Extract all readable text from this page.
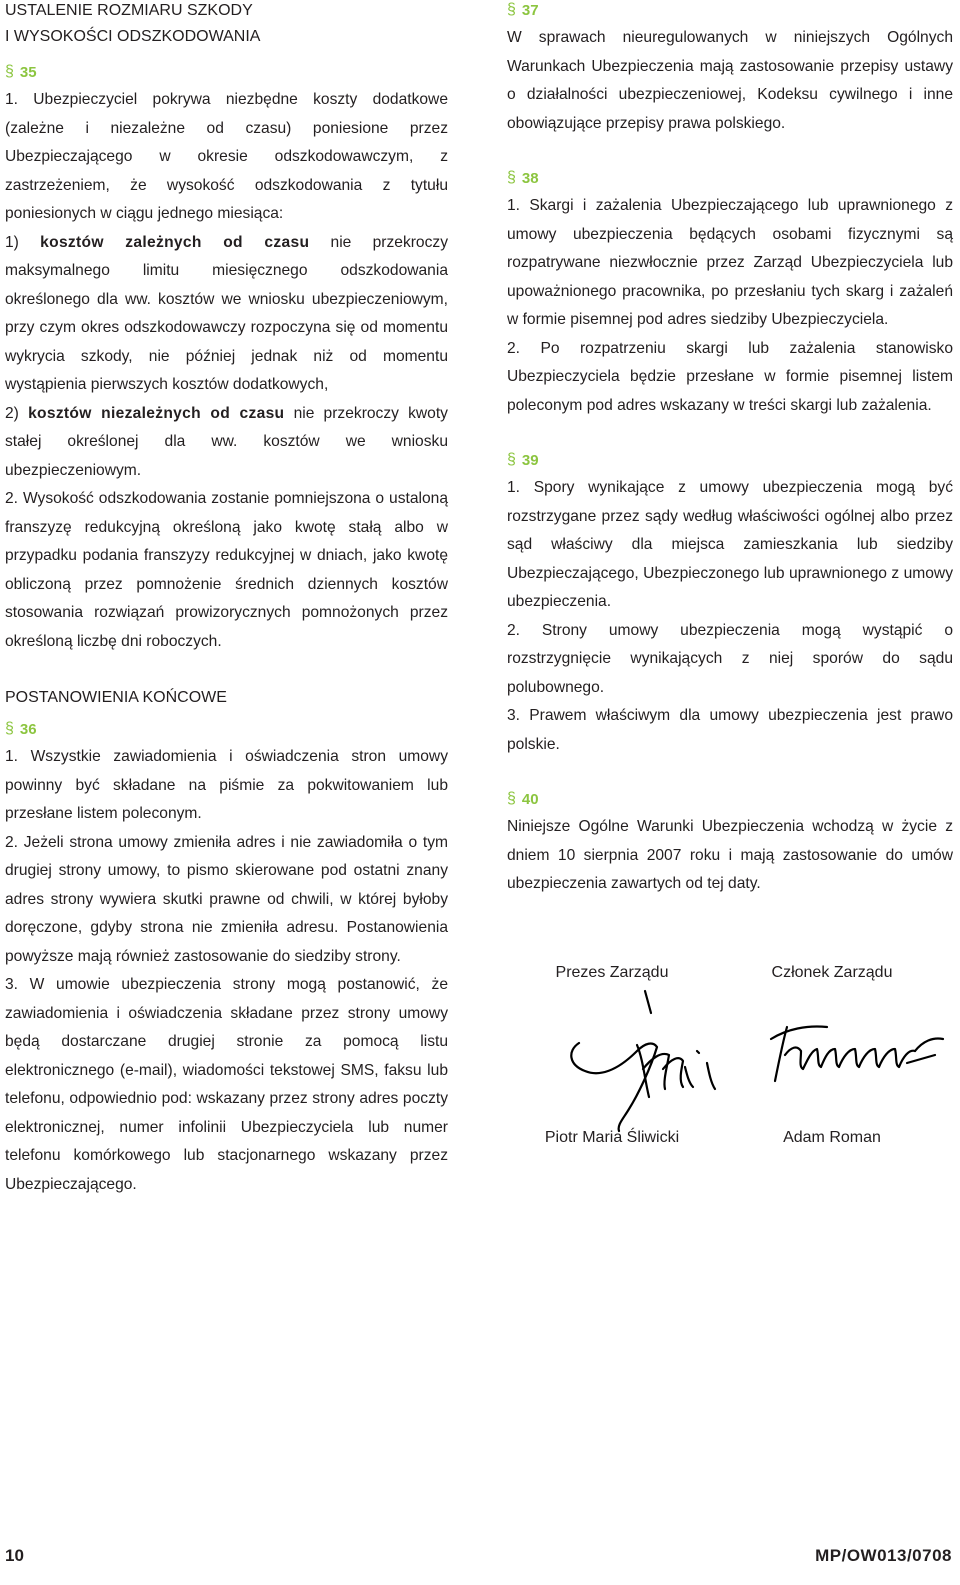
USTALENIE ROZMIARU SZKODY
I WYSOKOŚCI ODSZKODOWANIA
§ 35

1. Ubezpieczyciel pokrywa niezbędne koszty dodatkowe (zależne i niezależne od czasu) poniesione przez Ubezpieczającego w okresie odszkodowawczym, z zastrzeżeniem, że wysokość odszkodowania z tytułu poniesionych w ciągu jednego miesiąca:

1) kosztów zależnych od czasu nie przekroczy maksymalnego limitu miesięcznego odszkodowania określonego dla ww. kosztów we wniosku ubezpieczeniowym, przy czym okres odszkodowawczy rozpoczyna się od momentu wykrycia szkody, nie później jednak niż od momentu wystąpienia pierwszych kosztów dodatkowych,

2) kosztów niezależnych od czasu nie przekroczy kwoty stałej określonej dla ww. kosztów we wniosku ubezpieczeniowym.

2. Wysokość odszkodowania zostanie pomniejszona o ustaloną franszyzę redukcyjną określoną jako kwotę stałą albo w przypadku podania franszyzy redukcyjnej w dniach, jako kwotę obliczoną przez pomnożenie średnich dziennych kosztów stosowania rozwiązań prowizorycznych pomnożonych przez określoną liczbę dni roboczych.

POSTANOWIENIA KOŃCOWE
§ 36

1. Wszystkie zawiadomienia i oświadczenia stron umowy powinny być składane na piśmie za pokwitowaniem lub przesłane listem poleconym.

2. Jeżeli strona umowy zmieniła adres i nie zawiadomiła o tym drugiej strony umowy, to pismo skierowane pod ostatni znany adres strony wywiera skutki prawne od chwili, w której byłoby doręczone, gdyby strona nie zmieniła adresu. Postanowienia powyższe mają również zastosowanie do siedziby strony.

3. W umowie ubezpieczenia strony mogą postanowić, że zawiadomienia i oświadczenia składane przez strony umowy będą dostarczane drugiej stronie za pomocą listu elektronicznego (e-mail), wiadomości tekstowej SMS, faksu lub telefonu, odpowiednio pod: wskazany przez strony adres poczty elektronicznej, numer infolinii Ubezpieczyciela lub numer telefonu komórkowego lub stacjonarnego wskazany przez Ubezpieczającego.

§ 37

W sprawach nieuregulowanych w niniejszych Ogólnych Warunkach Ubezpieczenia mają zastosowanie przepisy ustawy o działalności ubezpieczeniowej, Kodeksu cywilnego i inne obowiązujące przepisy prawa polskiego.

§ 38

1. Skargi i zażalenia Ubezpieczającego lub uprawnionego z umowy ubezpieczenia będących osobami fizycznymi są rozpatrywane niezwłocznie przez Zarząd Ubezpieczyciela lub upoważnionego pracownika, po przesłaniu tych skarg i zażaleń w formie pisemnej pod adres siedziby Ubezpieczyciela.

2. Po rozpatrzeniu skargi lub zażalenia stanowisko Ubezpieczyciela będzie przesłane w formie pisemnej listem poleconym pod adres wskazany w treści skargi lub zażalenia.

§ 39

1. Spory wynikające z umowy ubezpieczenia mogą być rozstrzygane przez sądy według właściwości ogólnej albo przez sąd właściwy dla miejsca zamieszkania lub siedziby Ubezpieczającego, Ubezpieczonego lub uprawnionego z umowy ubezpieczenia.

2. Strony umowy ubezpieczenia mogą wystąpić o rozstrzygnięcie wynikających z niej sporów do sądu polubownego.

3. Prawem właściwym dla umowy ubezpieczenia jest prawo polskie.

§ 40

Niniejsze Ogólne Warunki Ubezpieczenia wchodzą w życie z dniem 10 sierpnia 2007 roku i mają zastosowanie do umów ubezpieczenia zawartych od tej daty.

Prezes Zarządu	Członek Zarządu
Piotr Maria Śliwicki	Adam Roman
10	MP/OW013/0708
